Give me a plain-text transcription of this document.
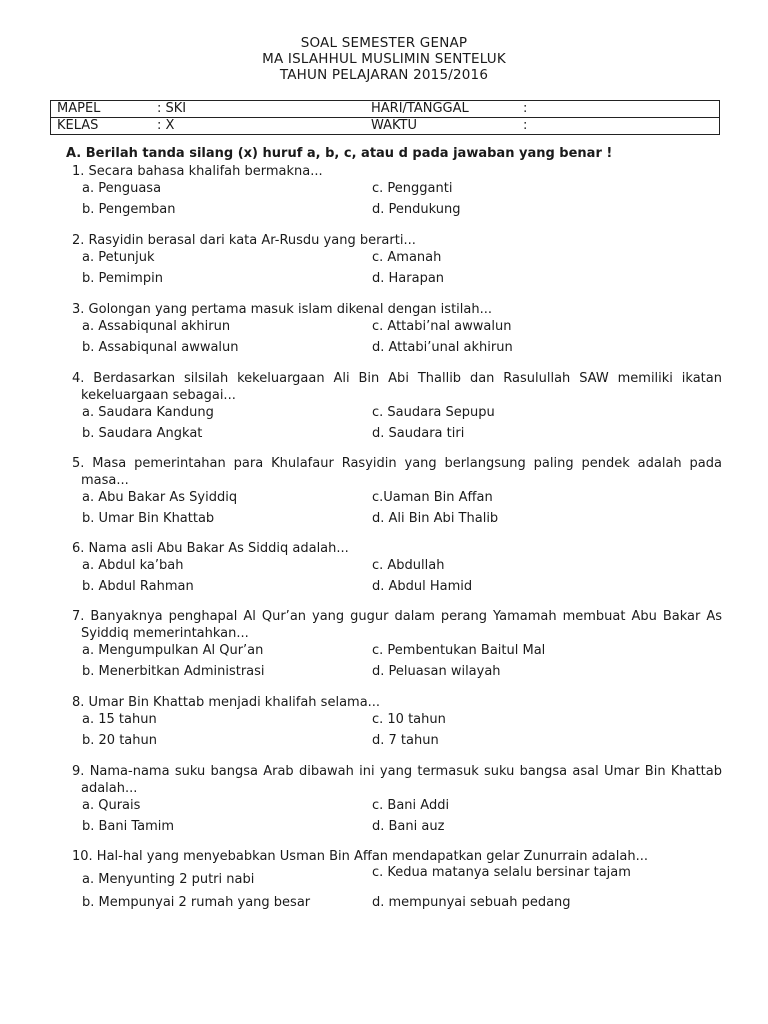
SOAL SEMESTER GENAP
MA ISLAHHUL MUSLIMIN SENTELUK
TAHUN PELAJARAN 2015/2016
MAPEL	: SKI	HARI/TANGGAL	:
KELAS	: X	WAKTU	:
A. Berilah tanda silang (x) huruf a, b, c, atau d pada jawaban yang benar !
1. Secara bahasa khalifah bermakna...
a. Penguasa	c. Pengganti
b. Pengemban	d. Pendukung
2. Rasyidin berasal dari kata Ar-Rusdu yang berarti...
a. Petunjuk	c. Amanah
b. Pemimpin	d. Harapan
3. Golongan yang pertama masuk islam dikenal dengan istilah...
a. Assabiqunal akhirun	c. Attabi’nal awwalun
b. Assabiqunal awwalun	d. Attabi’unal akhirun
4. Berdasarkan silsilah kekeluargaan Ali Bin Abi Thallib dan Rasulullah SAW memiliki ikatan kekeluargaan sebagai...
a. Saudara Kandung	c. Saudara Sepupu
b. Saudara Angkat	d. Saudara tiri
5. Masa pemerintahan para Khulafaur Rasyidin yang berlangsung paling pendek adalah pada masa...
a. Abu Bakar As Syiddiq	c.Uaman Bin Affan
b. Umar Bin Khattab	d. Ali Bin Abi Thalib
6. Nama asli Abu Bakar As Siddiq adalah...
a. Abdul ka’bah	c. Abdullah
b. Abdul Rahman	d. Abdul Hamid
7. Banyaknya penghapal Al Qur’an yang gugur dalam perang Yamamah membuat Abu Bakar As Syiddiq memerintahkan...
a. Mengumpulkan Al Qur’an	c. Pembentukan Baitul Mal
b. Menerbitkan Administrasi	d. Peluasan wilayah
8. Umar Bin Khattab menjadi khalifah selama...
a. 15 tahun	c. 10 tahun
b. 20 tahun	d. 7 tahun
9. Nama-nama suku bangsa Arab dibawah ini yang termasuk suku bangsa asal Umar Bin Khattab adalah...
a. Qurais	c. Bani Addi
b. Bani Tamim	d. Bani auz
10. Hal-hal yang menyebabkan Usman Bin Affan mendapatkan gelar Zunurrain adalah...
a. Menyunting 2 putri nabi	c. Kedua matanya selalu bersinar tajam
b. Mempunyai 2 rumah yang besar	d. mempunyai sebuah pedang
